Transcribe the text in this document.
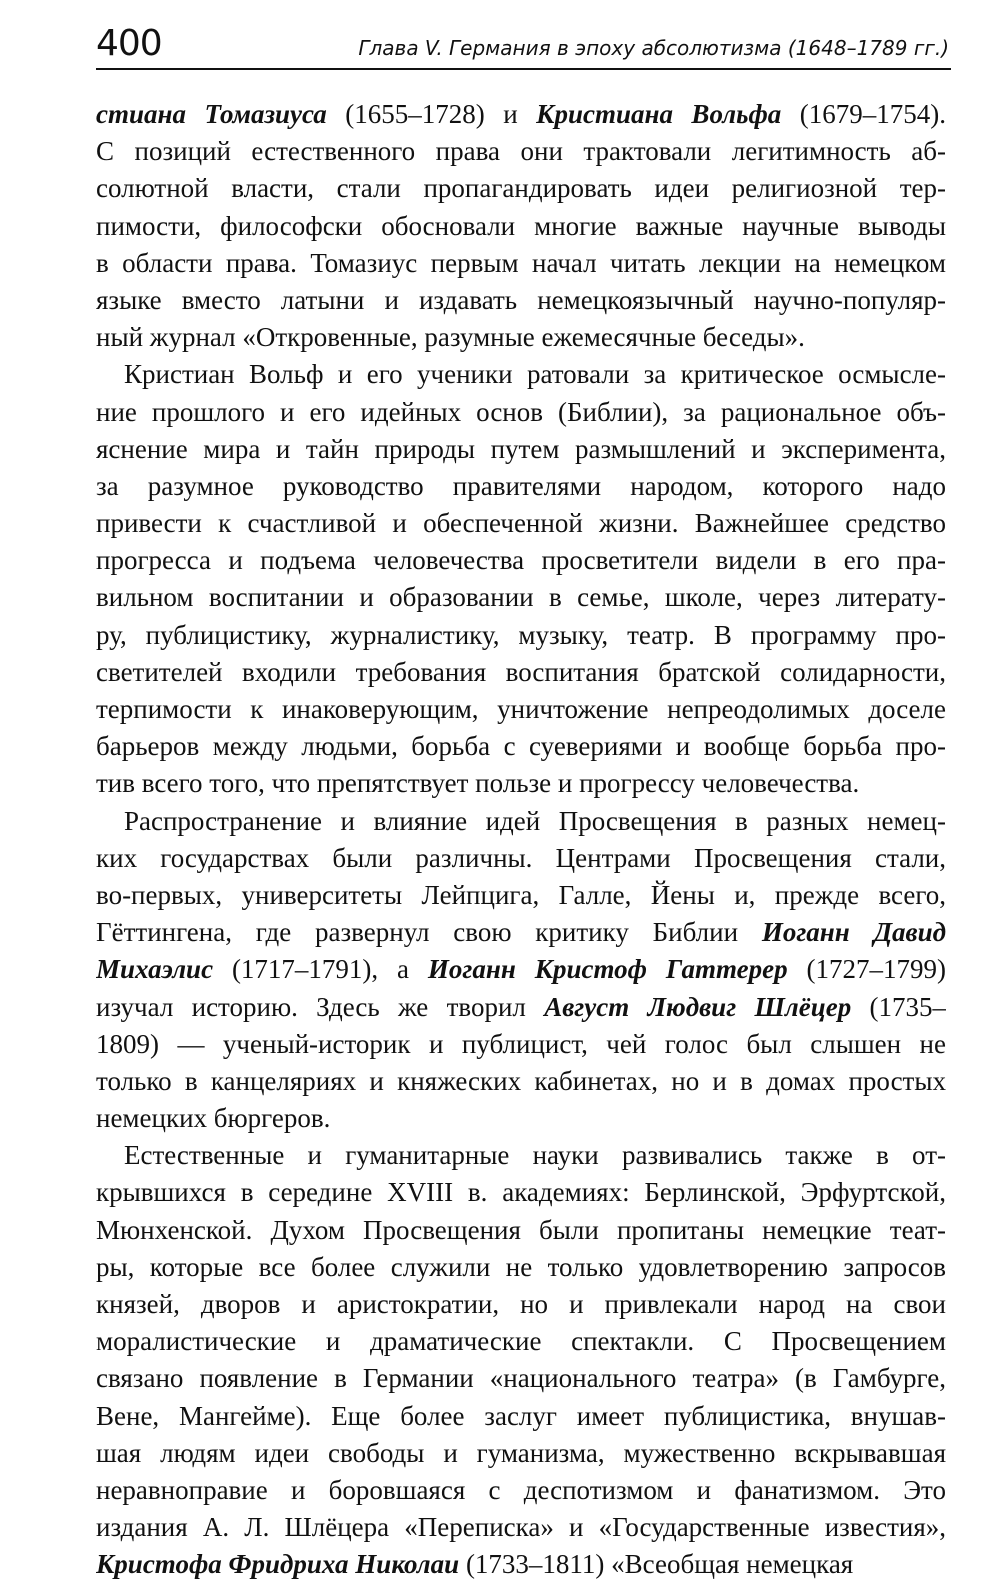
400	Глава V. Германия в эпоху абсолютизма (1648–1789 гг.)
стиана Томазиуса (1655–1728) и Кристиана Вольфа (1679–1754).
С позиций естественного права они трактовали легитимность аб-
солютной власти, стали пропагандировать идеи религиозной тер-
пимости, философски обосновали многие важные научные выводы
в области права. Томазиус первым начал читать лекции на немецком
языке вместо латыни и издавать немецкоязычный научно-популяр-
ный журнал «Откровенные, разумные ежемесячные беседы».
Кристиан Вольф и его ученики ратовали за критическое осмысле-
ние прошлого и его идейных основ (Библии), за рациональное объ-
яснение мира и тайн природы путем размышлений и эксперимента,
за разумное руководство правителями народом, которого надо
привести к счастливой и обеспеченной жизни. Важнейшее средство
прогресса и подъема человечества просветители видели в его пра-
вильном воспитании и образовании в семье, школе, через литерату-
ру, публицистику, журналистику, музыку, театр. В программу про-
светителей входили требования воспитания братской солидарности,
терпимости к инаковерующим, уничтожение непреодолимых доселе
барьеров между людьми, борьба с суевериями и вообще борьба про-
тив всего того, что препятствует пользе и прогрессу человечества.
Распространение и влияние идей Просвещения в разных немец-
ких государствах были различны. Центрами Просвещения стали,
во-первых, университеты Лейпцига, Галле, Йены и, прежде всего,
Гёттингена, где развернул свою критику Библии Иоганн Давид
Михаэлис (1717–1791), а Иоганн Кристоф Гаттерер (1727–1799)
изучал историю. Здесь же творил Август Людвиг Шлёцер (1735–
1809) — ученый-историк и публицист, чей голос был слышен не
только в канцеляриях и княжеских кабинетах, но и в домах простых
немецких бюргеров.
Естественные и гуманитарные науки развивались также в от-
крывшихся в середине XVIII в. академиях: Берлинской, Эрфуртской,
Мюнхенской. Духом Просвещения были пропитаны немецкие теат-
ры, которые все более служили не только удовлетворению запросов
князей, дворов и аристократии, но и привлекали народ на свои
моралистические и драматические спектакли. С Просвещением
связано появление в Германии «национального театра» (в Гамбурге,
Вене, Мангейме). Еще более заслуг имеет публицистика, внушав-
шая людям идеи свободы и гуманизма, мужественно вскрывавшая
неравноправие и боровшаяся с деспотизмом и фанатизмом. Это
издания А. Л. Шлёцера «Переписка» и «Государственные известия»,
Кристофа Фридриха Николаи (1733–1811) «Всеобщая немецкая
